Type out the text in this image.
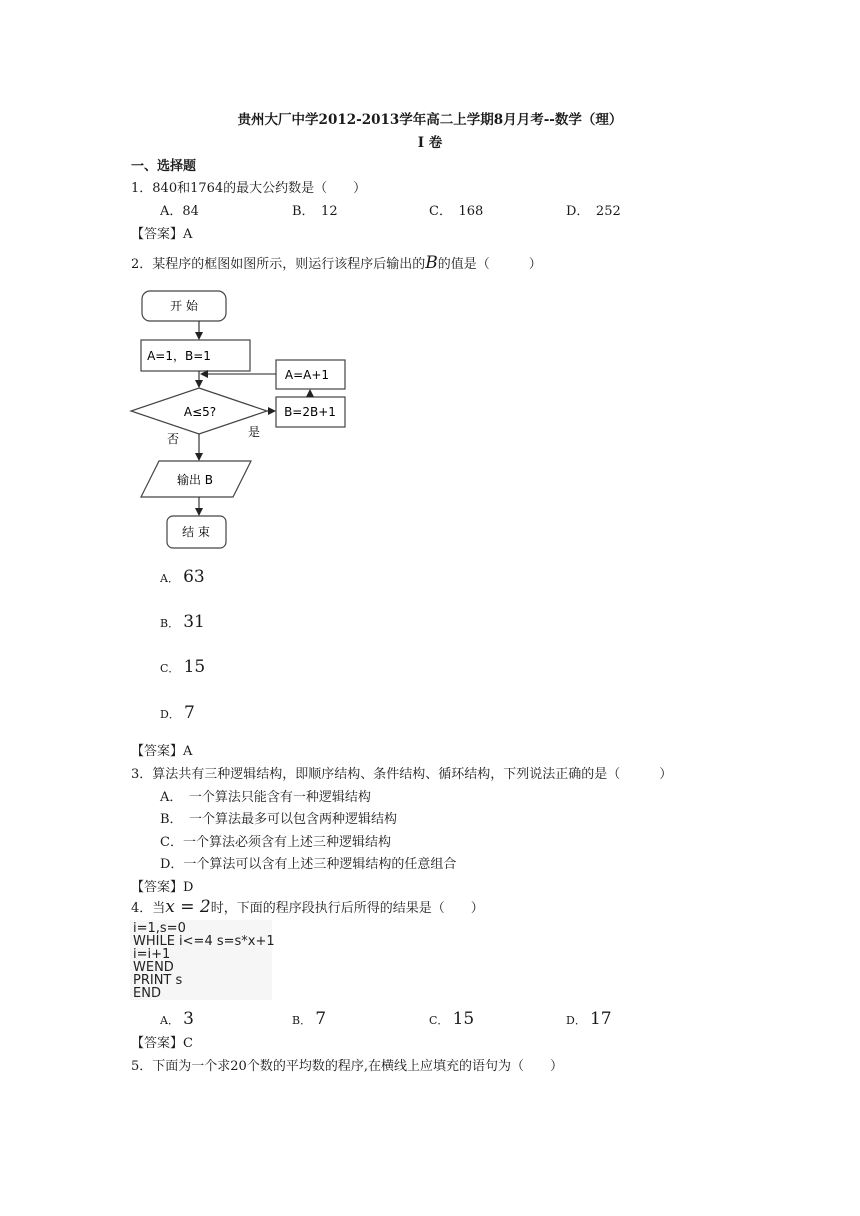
贵州大厂中学2012-2013学年高二上学期8月月考--数学（理）
I 卷
一、选择题
1．840和1764的最大公约数是（　　）
A．84	B．　12	C．　168	D．　252
【答案】A
2．某程序的框图如图所示，则运行该程序后输出的B的值是（　　　）
开 始
A=1，B=1
A≤5?
是
否
A=A+1
B=2B+1
输出 B
结 束
A． 63
B． 31
C． 15
D． 7
【答案】A
3．算法共有三种逻辑结构，即顺序结构、条件结构、循环结构，下列说法正确的是（　　　）
A．　一个算法只能含有一种逻辑结构
B．　一个算法最多可以包含两种逻辑结构
C．一个算法必须含有上述三种逻辑结构
D．一个算法可以含有上述三种逻辑结构的任意组合
【答案】D
4．当x = 2时，下面的程序段执行后所得的结果是（　　）
i=1,s=0
WHILE i<=4 s=s*x+1
i=i+1
WEND
PRINT s
END
A． 3	B． 7	C． 15	D． 17
【答案】C
5．下面为一个求20个数的平均数的程序,在横线上应填充的语句为（　　）
